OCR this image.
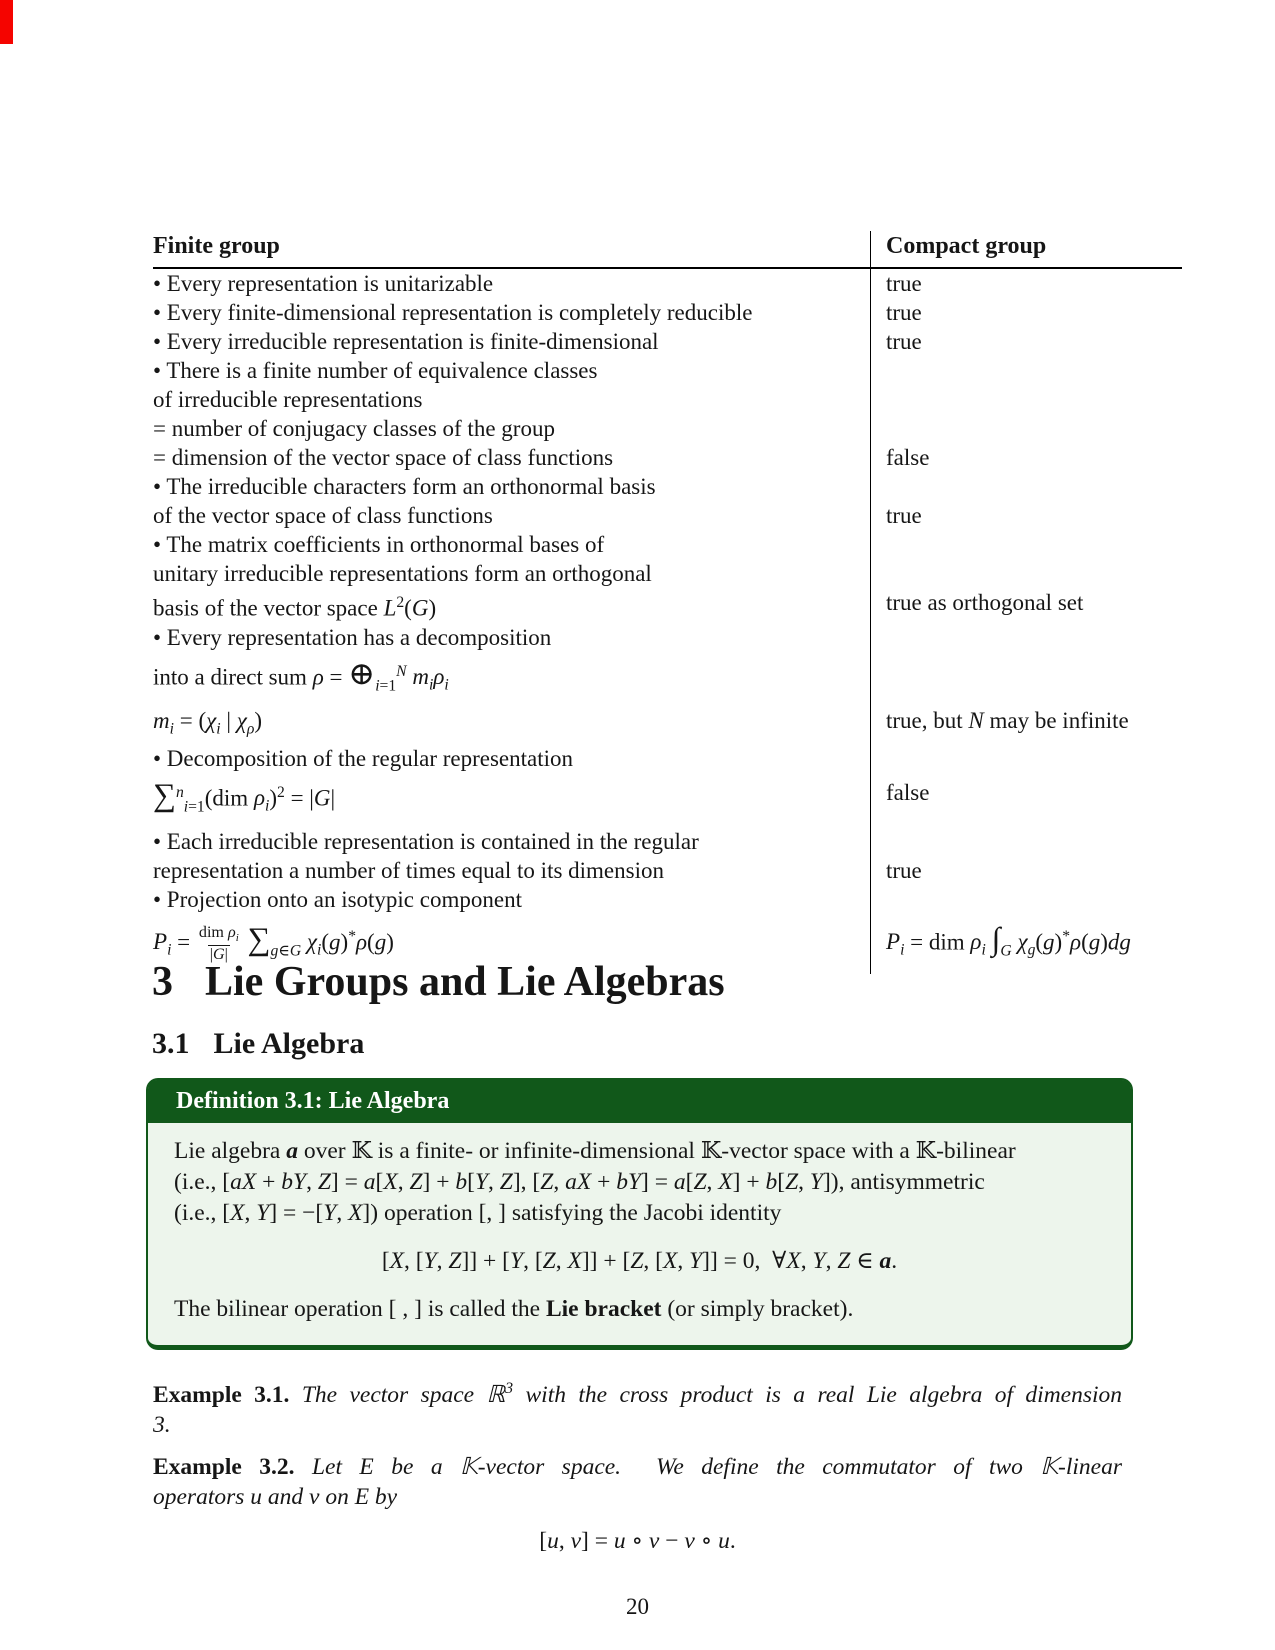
Finite group	Compact group
• Every representation is unitarizable	true
• Every finite-dimensional representation is completely reducible	true
• Every irreducible representation is finite-dimensional	true
• There is a finite number of equivalence classes
of irreducible representations
= number of conjugacy classes of the group
= dimension of the vector space of class functions	false
• The irreducible characters form an orthonormal basis
of the vector space of class functions	true
• The matrix coefficients in orthonormal bases of
unitary irreducible representations form an orthogonal
basis of the vector space $L^2(G)$	true as orthogonal set
• Every representation has a decomposition
into a direct sum $\rho = \oplus_{i=1}^N$ $m_i\rho_i$
$m_i = (\chi_i$ | $\chi_\rho$)	true, but N may be infinite
• Decomposition of the regular representation
∑$^n_{i=1}$(dim $\rho_i)^2 = |G|$	false
• Each irreducible representation is contained in the regular
representation a number of times equal to its dimension	true
• Projection onto an isotypic component
$P_i = \frac{dim \rho_i}{|G|} \sum_{g\in G}$ $\chi_i(g)^*\rho(g)$	$P_i$ = dim $\rho_i$ $\int_G$ $\chi_g(g)^*\rho(g)dg$
3 Lie Groups and Lie Algebras
3.1 Lie Algebra
Definition 3.1: Lie Algebra
Lie algebra a over 𝕂 is a finite- or infinite-dimensional 𝕂-vector space with a 𝕂-bilinear
(i.e., [aX + bY, Z] = a[X, Z] + b[Y, Z], [Z, aX + bY] = a[Z, X] + b[Z, Y]), antisymmetric
(i.e., [X, Y] = −[Y, X]) operation [, ] satisfying the Jacobi identity
[X, [Y, Z]] + [Y, [Z, X]] + [Z, [X, Y]] = 0,  ∀X, Y, Z ∈ a.
The bilinear operation [ , ] is called the Lie bracket (or simply bracket).
Example 3.1. The vector space ℝ$^3$ with the cross product is a real Lie algebra of dimension
3.
Example 3.2. Let E be a 𝕂-vector space.  We define the commutator of two 𝕂-linear
operators u and v on E by
[u, v] = u ∘ v − v ∘ u.
20
